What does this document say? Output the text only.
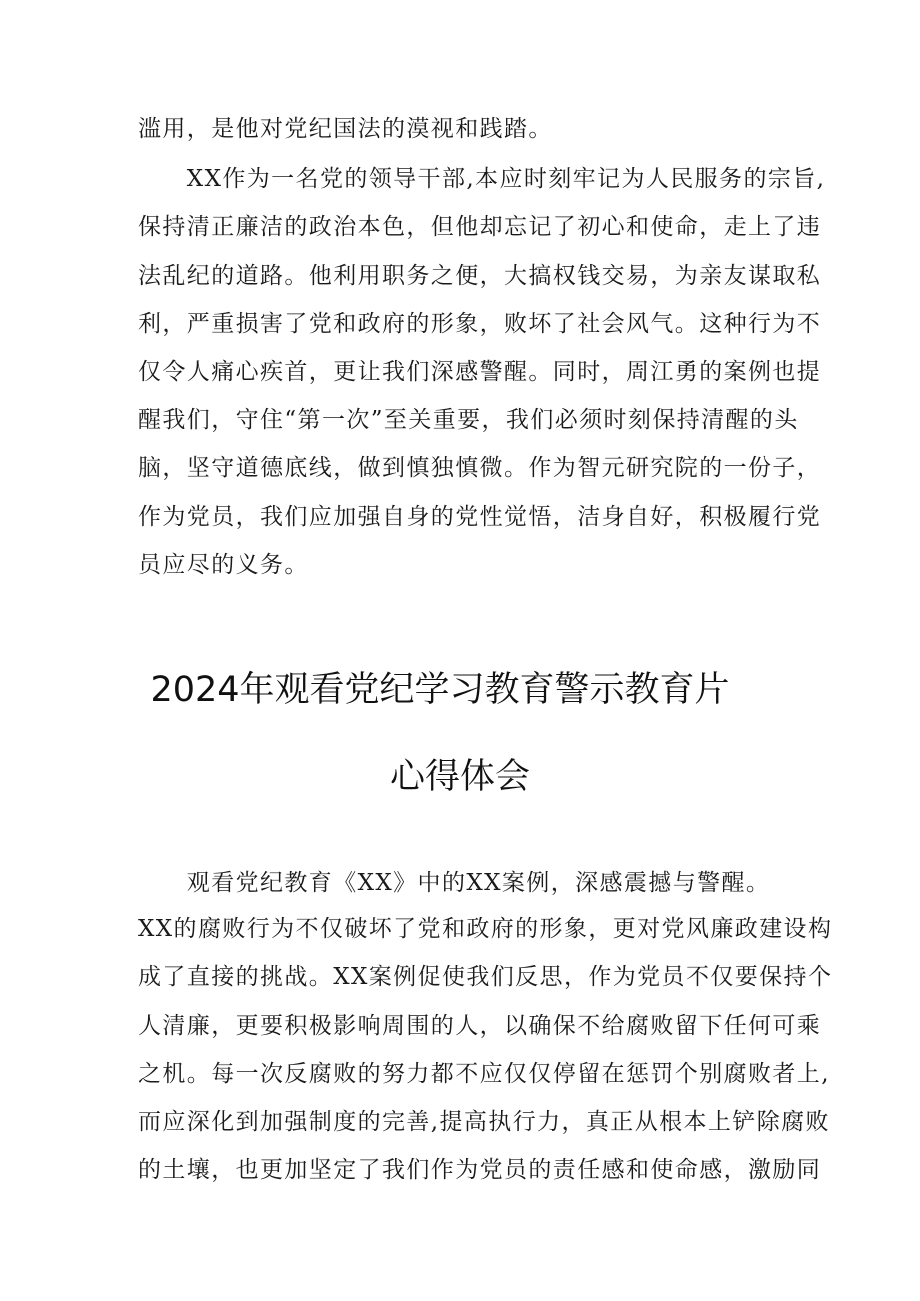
滥用，是他对党纪国法的漠视和践踏。
　　XX作为一名党的领导干部,本应时刻牢记为人民服务的宗旨,
保持清正廉洁的政治本色，但他却忘记了初心和使命，走上了违
法乱纪的道路。他利用职务之便，大搞权钱交易，为亲友谋取私
利，严重损害了党和政府的形象，败坏了社会风气。这种行为不
仅令人痛心疾首，更让我们深感警醒。同时，周江勇的案例也提
醒我们，守住“第一次”至关重要，我们必须时刻保持清醒的头
脑，坚守道德底线，做到慎独慎微。作为智元研究院的一份子，
作为党员，我们应加强自身的党性觉悟，洁身自好，积极履行党
员应尽的义务。
2024年观看党纪学习教育警示教育片
心得体会
　　观看党纪教育《XX》中的XX案例，深感震撼与警醒。
XX的腐败行为不仅破坏了党和政府的形象，更对党风廉政建设构
成了直接的挑战。XX案例促使我们反思，作为党员不仅要保持个
人清廉，更要积极影响周围的人，以确保不给腐败留下任何可乘
之机。每一次反腐败的努力都不应仅仅停留在惩罚个别腐败者上,
而应深化到加强制度的完善,提高执行力，真正从根本上铲除腐败
的土壤，也更加坚定了我们作为党员的责任感和使命感，激励同
